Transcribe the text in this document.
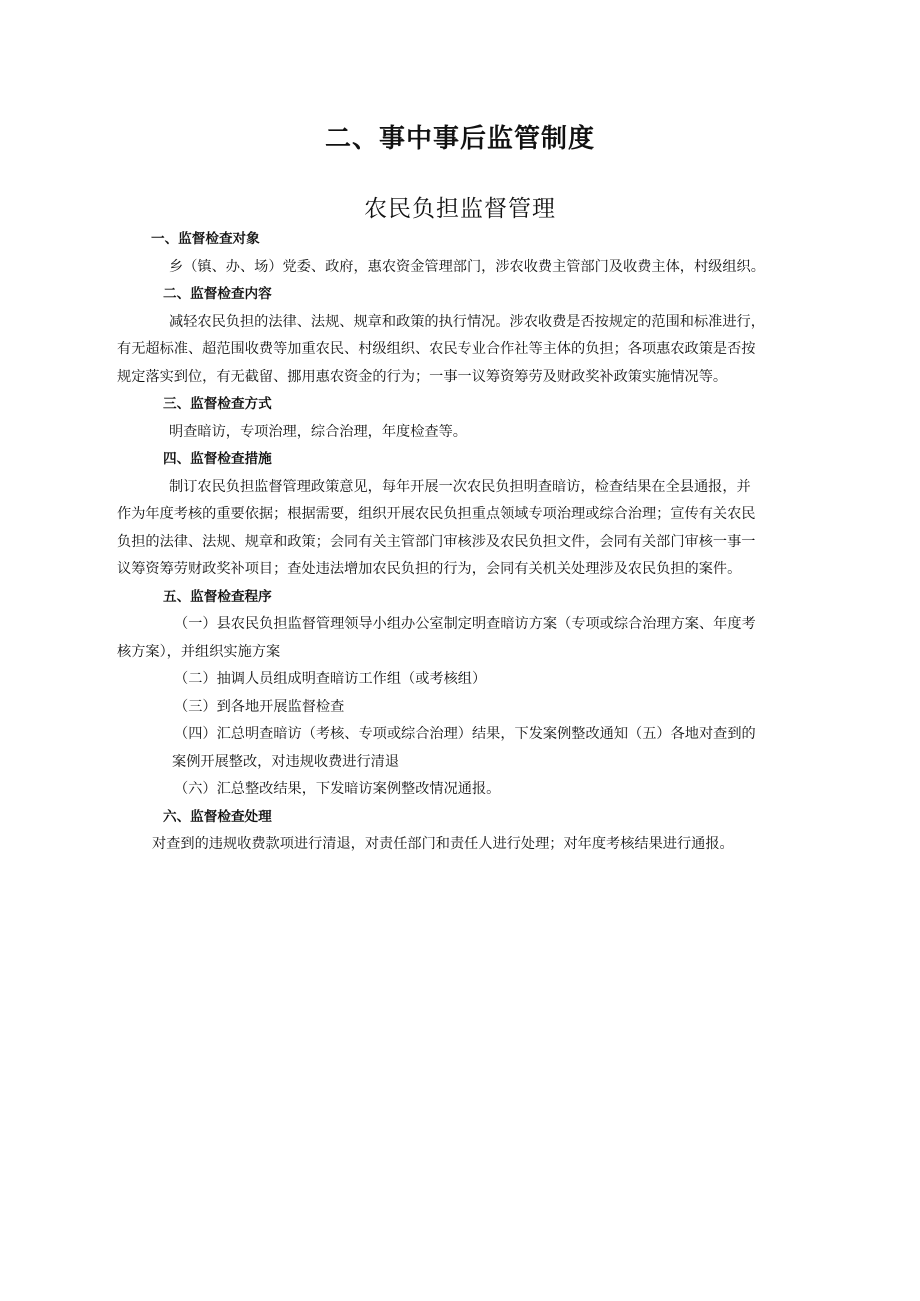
二、事中事后监管制度
农民负担监督管理

一、监督检查对象

乡（镇、办、场）党委、政府，惠农资金管理部门，涉农收费主管部门及收费主体，村级组织。

二、监督检查内容

减轻农民负担的法律、法规、规章和政策的执行情况。涉农收费是否按规定的范围和标准进行，

有无超标准、超范围收费等加重农民、村级组织、农民专业合作社等主体的负担；各项惠农政策是否按

规定落实到位，有无截留、挪用惠农资金的行为；一事一议筹资筹劳及财政奖补政策实施情况等。

三、监督检查方式

明查暗访，专项治理，综合治理，年度检查等。

四、监督检查措施

制订农民负担监督管理政策意见，每年开展一次农民负担明查暗访，检查结果在全县通报，并

作为年度考核的重要依据；根据需要，组织开展农民负担重点领域专项治理或综合治理；宣传有关农民

负担的法律、法规、规章和政策；会同有关主管部门审核涉及农民负担文件，会同有关部门审核一事一

议筹资筹劳财政奖补项目；查处违法增加农民负担的行为，会同有关机关处理涉及农民负担的案件。

五、监督检查程序

（一）县农民负担监督管理领导小组办公室制定明查暗访方案（专项或综合治理方案、年度考

核方案），并组织实施方案

（二）抽调人员组成明查暗访工作组（或考核组）

（三）到各地开展监督检查

（四）汇总明查暗访（考核、专项或综合治理）结果，下发案例整改通知（五）各地对查到的

案例开展整改，对违规收费进行清退

（六）汇总整改结果，下发暗访案例整改情况通报。

六、监督检查处理

对查到的违规收费款项进行清退，对责任部门和责任人进行处理；对年度考核结果进行通报。
